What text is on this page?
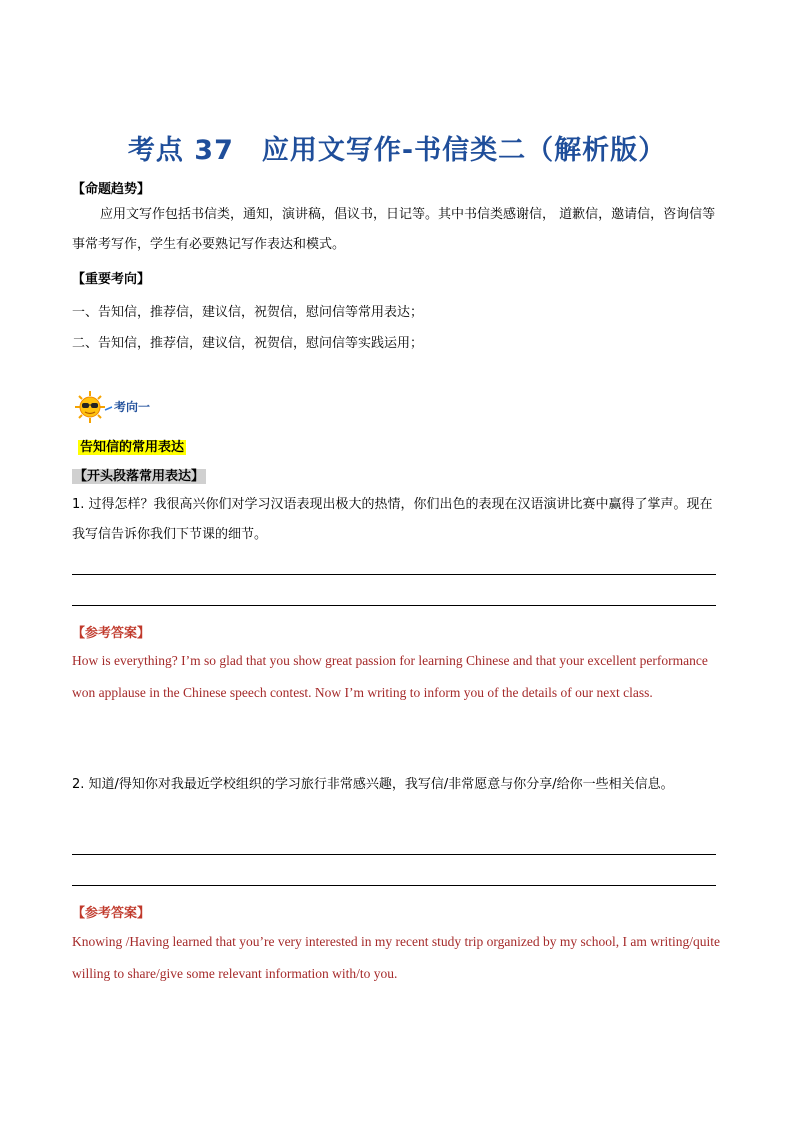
考点 37　应用文写作-书信类二（解析版）
【命题趋势】
应用文写作包括书信类，通知，演讲稿，倡议书，日记等。其中书信类感谢信， 道歉信，邀请信，咨询信等事常考写作，学生有必要熟记写作表达和模式。
【重要考向】
一、告知信，推荐信，建议信，祝贺信，慰问信等常用表达；
二、告知信，推荐信，建议信，祝贺信，慰问信等实践运用；
考向一
告知信的常用表达
【开头段落常用表达】
1. 过得怎样？我很高兴你们对学习汉语表现出极大的热情，你们出色的表现在汉语演讲比赛中赢得了掌声。现在我写信告诉你我们下节课的细节。
【参考答案】
How is everything? I’m so glad that you show great passion for learning Chinese and that your excellent performance won applause in the Chinese speech contest. Now I’m writing to inform you of the details of our next class.
2. 知道/得知你对我最近学校组织的学习旅行非常感兴趣，我写信/非常愿意与你分享/给你一些相关信息。
【参考答案】
Knowing /Having learned that you’re very interested in my recent study trip organized by my school, I am writing/quite willing to share/give some relevant information with/to you.
